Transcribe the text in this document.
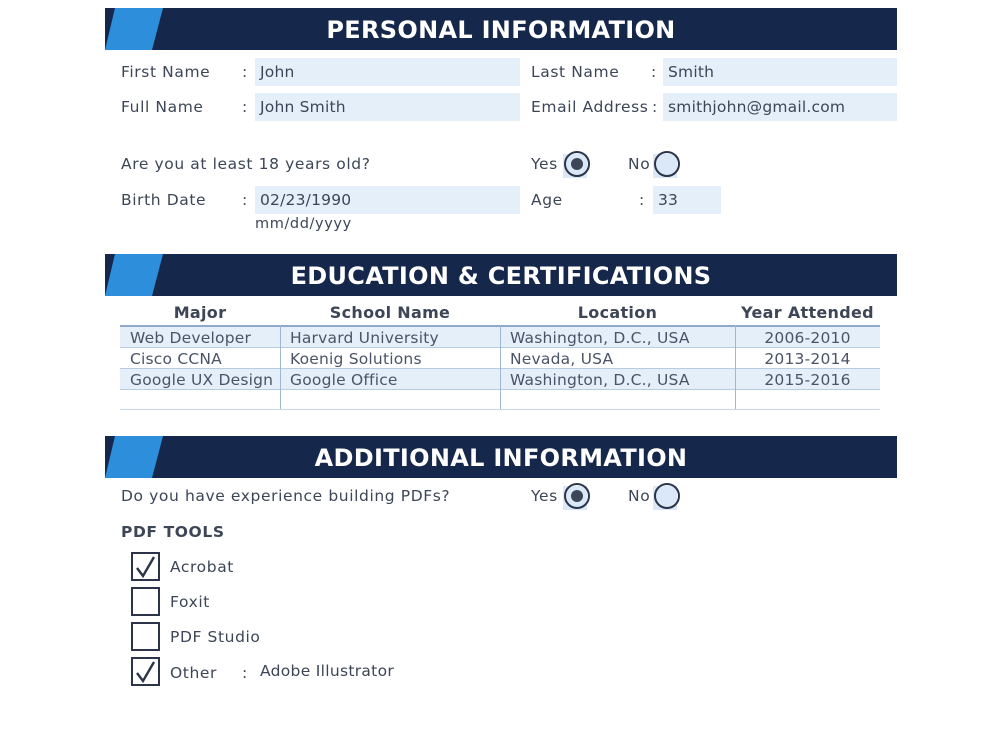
PERSONAL INFORMATION
First Name : John	Last Name : Smith
Full Name : John Smith	Email Address : smithjohn@gmail.com
Are you at least 18 years old?	Yes	No
Birth Date : 02/23/1990
mm/dd/yyyy
Age	: 33
EDUCATION & CERTIFICATIONS
Major	School Name	Location	Year Attended
Web Developer	Harvard University	Washington, D.C., USA	2006-2010
Cisco CCNA	Koenig Solutions	Nevada, USA	2013-2014
Google UX Design	Google Office	Washington, D.C., USA	2015-2016
ADDITIONAL INFORMATION
Do you have experience building PDFs?	Yes	No
PDF TOOLS
Acrobat
Foxit
PDF Studio
Other : Adobe Illustrator
